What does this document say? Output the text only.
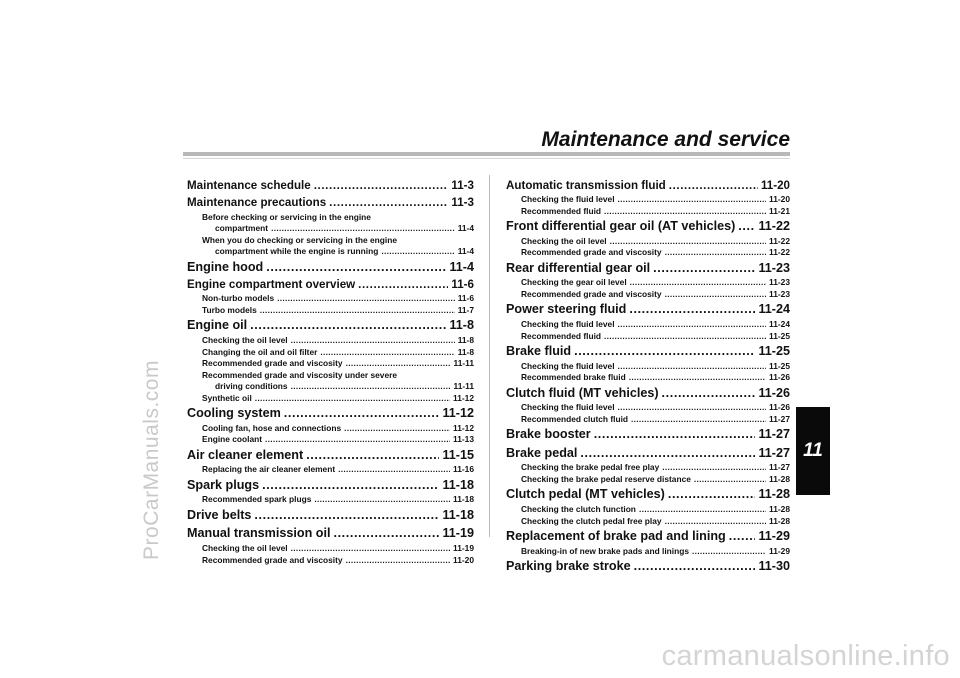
ProCarManuals.com
Maintenance and service
Maintenance schedule .....	11-3
Maintenance precautions .....	11-3
Before checking or servicing in the engine
compartment .....	11-4
When you do checking or servicing in the engine
compartment while the engine is running .....	11-4
Engine hood .....	11-4
Engine compartment overview .....	11-6
Non-turbo models .....	11-6
Turbo models .....	11-7
Engine oil .....	11-8
Checking the oil level .....	11-8
Changing the oil and oil filter .....	11-8
Recommended grade and viscosity .....	11-11
Recommended grade and viscosity under severe
driving conditions .....	11-11
Synthetic oil .....	11-12
Cooling system .....	11-12
Cooling fan, hose and connections .....	11-12
Engine coolant .....	11-13
Air cleaner element .....	11-15
Replacing the air cleaner element .....	11-16
Spark plugs .....	11-18
Recommended spark plugs .....	11-18
Drive belts .....	11-18
Manual transmission oil .....	11-19
Checking the oil level .....	11-19
Recommended grade and viscosity .....	11-20
Automatic transmission fluid .....	11-20
Checking the fluid level .....	11-20
Recommended fluid .....	11-21
Front differential gear oil (AT vehicles) ..... 11-22
Checking the oil level .....	11-22
Recommended grade and viscosity .....	11-22
Rear differential gear oil .....	11-23
Checking the gear oil level .....	11-23
Recommended grade and viscosity .....	11-23
Power steering fluid .....	11-24
Checking the fluid level .....	11-24
Recommended fluid .....	11-25
Brake fluid .....	11-25
Checking the fluid level .....	11-25
Recommended brake fluid .....	11-26
Clutch fluid (MT vehicles) .....	11-26
Checking the fluid level .....	11-26
Recommended clutch fluid .....	11-27
Brake booster .....	11-27
Brake pedal .....	11-27
Checking the brake pedal free play .....	11-27
Checking the brake pedal reserve distance .....	11-28
Clutch pedal (MT vehicles) .....	11-28
Checking the clutch function .....	11-28
Checking the clutch pedal free play .....	11-28
Replacement of brake pad and lining .....	11-29
Breaking-in of new brake pads and linings .....	11-29
Parking brake stroke .....	11-30
11
carmanualsonline.info
